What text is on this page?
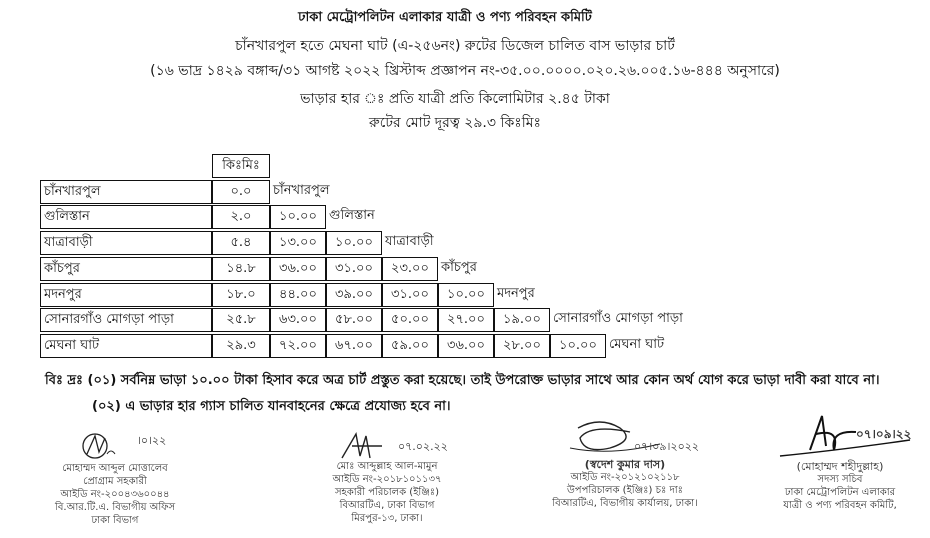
ঢাকা মেট্রোপলিটন এলাকার যাত্রী ও পণ্য পরিবহন কমিটি
চাঁনখারপুল হতে মেঘনা ঘাট (এ-২৫৬নং) রুটের ডিজেল চালিত বাস ভাড়ার চার্ট
(১৬ ভাদ্র ১৪২৯ বঙ্গাব্দ/৩১ আগষ্ট ২০২২ খ্রিস্টাব্দ প্রজ্ঞাপন নং-৩৫.০০.০০০০.০২০.২৬.০০৫.১৬-৪৪৪ অনুসারে)
ভাড়ার হার ঃ প্রতি যাত্রী প্রতি কিলোমিটার ২.৪৫ টাকা
রুটের মোট দূরত্ব ২৯.৩ কিঃমিঃ
কিঃমিঃ
চাঁনখারপুল	০.০	চাঁনখারপুল
গুলিস্তান	২.০	১০.০০ গুলিস্তান
যাত্রাবাড়ী	৫.৪	১৩.০০	১০.০০ যাত্রাবাড়ী
কাঁচপুর	১৪.৮	৩৬.০০	৩১.০০	২৩.০০ কাঁচপুর
মদনপুর	১৮.০	৪৪.০০	৩৯.০০	৩১.০০	১০.০০ মদনপুর
সোনারগাঁও মোগড়া পাড়া	২৫.৮	৬৩.০০	৫৮.০০	৫০.০০	২৭.০০	১৯.০০ সোনারগাঁও মোগড়া পাড়া
মেঘনা ঘাট	২৯.৩	৭২.০০	৬৭.০০	৫৯.০০	৩৬.০০	২৮.০০	১০.০০ মেঘনা ঘাট
বিঃ দ্রঃ (০১) সর্বনিম্ন ভাড়া ১০.০০ টাকা হিসাব করে অত্র চার্ট প্রস্তুত করা হয়েছে। তাই উপরোক্ত ভাড়ার সাথে আর কোন অর্থ যোগ করে ভাড়া দাবী করা যাবে না।
(০২) এ ভাড়ার হার গ্যাস চালিত যানবাহনের ক্ষেত্রে প্রযোজ্য হবে না।
।০।২২
মোহাম্মদ আব্দুল মোত্তালেব
প্রোগ্রাম সহকারী
আইডি নং-২০০৪৩৬০০৪৪
বি.আর.টি.এ. বিভাগীয় অফিস
ঢাকা বিভাগ
০৭.০২.২২
মোঃ আব্দুল্লাহ আল-মামুন
আইডি নং-২০১৮১০১১৩৭
সহকারী পরিচালক (ইঞ্জিঃ)
বিআরটিএ, ঢাকা বিভাগ
মিরপুর-১৩, ঢাকা।
০৭।০৯।২০২২
(স্বদেশ কুমার দাস)
আইডি নং-২০১২১০২১১৮
উপপরিচালক (ইঞ্জিঃ) চঃ দাঃ
বিআরটিএ, বিভাগীয় কার্যালয়, ঢাকা।
০৭।০৯।২২
(মোহাম্মদ শহীদুল্লাহ)
সদস্য সচিব
ঢাকা মেট্রোপলিটন এলাকার
যাত্রী ও পণ্য পরিবহন কমিটি,
